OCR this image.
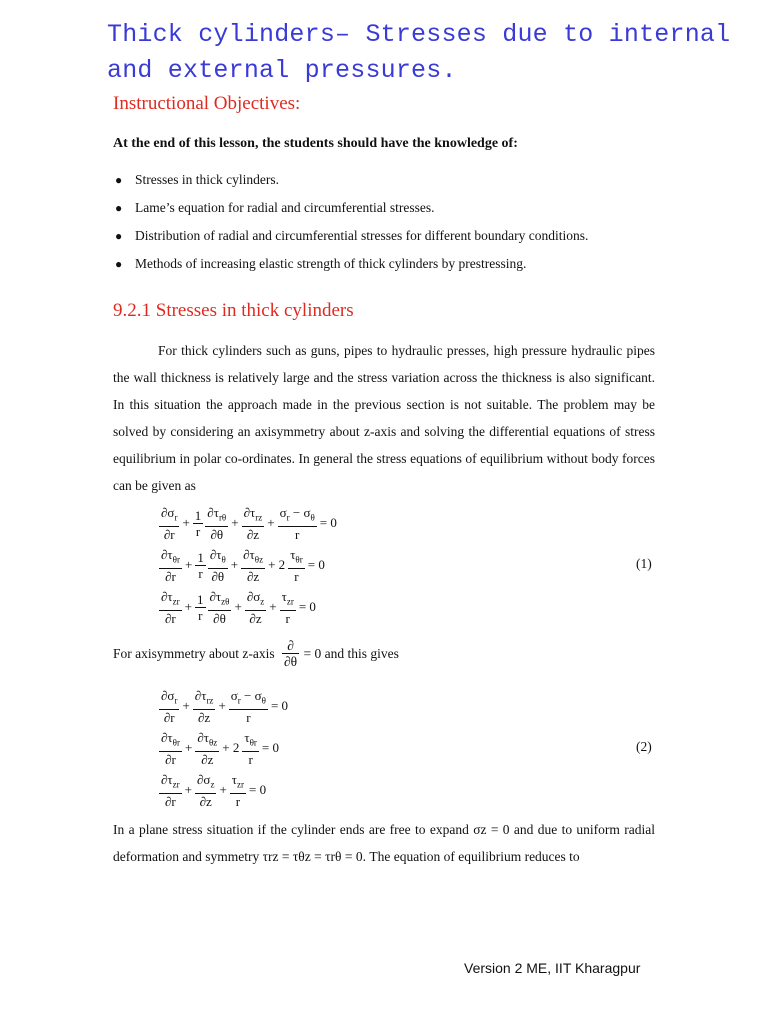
Thick cylinders– Stresses due to internal
and external pressures.
Instructional Objectives:
At the end of this lesson, the students should have the knowledge of:
● Stresses in thick cylinders.
● Lame’s equation for radial and circumferential stresses.
● Distribution of radial and circumferential stresses for different boundary conditions.
● Methods of increasing elastic strength of thick cylinders by prestressing.
9.2.1 Stresses in thick cylinders

For thick cylinders such as guns, pipes to hydraulic presses, high pressure hydraulic pipes the wall thickness is relatively large and the stress variation across the thickness is also significant. In this situation the approach made in the previous section is not suitable. The problem may be solved by considering an axisymmetry about z-axis and solving the differential equations of stress equilibrium in polar co-ordinates. In general the stress equations of equilibrium without body forces can be given as

$\frac{\partial\sigma_r}{\partial r} + \frac{1}{r} \frac{\partial\tau_{r\theta}}{\partial\theta} + \frac{\partial\tau_{rz}}{\partial z} + \frac{\sigma_r - \sigma_\theta}{r} = 0$
$\frac{\partial\tau_{\theta r}}{\partial r} + \frac{1}{r} \frac{\partial\tau_\theta}{\partial\theta} + \frac{\partial\tau_{\theta z}}{\partial z} + 2 \frac{\tau_{\theta r}}{r} = 0$
$\frac{\partial\tau_{zr}}{\partial r} + \frac{1}{r} \frac{\partial\tau_{z\theta}}{\partial\theta} + \frac{\partial\sigma_z}{\partial z} + \frac{\tau_{zr}}{r} = 0$
(1)
For axisymmetry about z-axis $\frac{\partial}{\partial\theta} = 0$ and this gives
$\frac{\partial\sigma_r}{\partial r} + \frac{\partial\tau_{rz}}{\partial z} + \frac{\sigma_r - \sigma_\theta}{r} = 0$
$\frac{\partial\tau_{\theta r}}{\partial r} + \frac{\partial\tau_{\theta z}}{\partial z} + 2 \frac{\tau_{\theta r}}{r} = 0$
$\frac{\partial\tau_{zr}}{\partial r} + \frac{\partial\sigma_z}{\partial z} + \frac{\tau_{zr}}{r} = 0$
(2)

In a plane stress situation if the cylinder ends are free to expand σz = 0 and due to uniform radial deformation and symmetry τrz = τθz = τrθ = 0. The equation of equilibrium reduces to

Version 2 ME, IIT Kharagpur
